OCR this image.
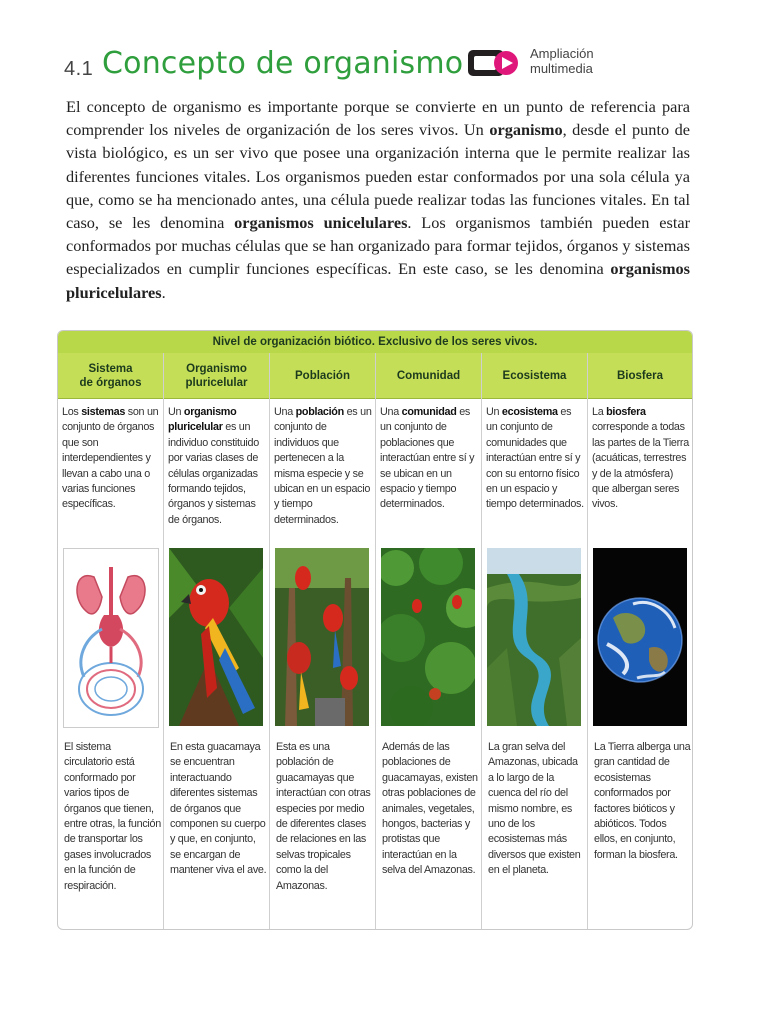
4.1 Concepto de organismo	Ampliación
multimedia

El concepto de organismo es importante porque se convierte en un punto de referencia para comprender los niveles de organización de los seres vivos. Un organismo, desde el punto de vista biológico, es un ser vivo que posee una organización interna que le permite realizar las diferentes funciones vitales. Los organismos pueden estar conformados por una sola célula ya que, como se ha mencionado antes, una célula puede realizar todas las funciones vitales. En tal caso, se les denomina organismos unicelulares. Los organismos también pueden estar conformados por muchas células que se han organizado para formar tejidos, órganos y sistemas especializados en cumplir funciones específicas. En este caso, se les denomina organismos pluricelulares.

Nivel de organización biótico. Exclusivo de los seres vivos.
Sistema
de órganos
Los sistemas son un conjunto de órganos que son interdependientes y llevan a cabo una o varias funciones específicas.
El sistema circulatorio está conformado por varios tipos de órganos que tienen, entre otras, la función de transportar los gases involucrados en la función de respiración.
Organismo
pluricelular
Un organismo pluricelular es un individuo constituido por varias clases de células organizadas formando tejidos, órganos y sistemas de órganos.
En esta guacamaya se encuentran interactuando diferentes sistemas de órganos que componen su cuerpo y que, en conjunto, se encargan de mantener viva el ave.
Población
Una población es un conjunto de individuos que pertenecen a la misma especie y se ubican en un espacio y tiempo determinados.
Esta es una población de guacamayas que interactúan con otras especies por medio de diferentes clases de relaciones en las selvas tropicales como la del Amazonas.
Comunidad
Una comunidad es un conjunto de poblaciones que interactúan entre sí y se ubican en un espacio y tiempo determinados.
Además de las poblaciones de guacamayas, existen otras poblaciones de animales, vegetales, hongos, bacterias y protistas que interactúan en la selva del Amazonas.
Ecosistema
Un ecosistema es un conjunto de comunidades que interactúan entre sí y con su entorno físico en un espacio y tiempo determinados.
La gran selva del Amazonas, ubicada a lo largo de la cuenca del río del mismo nombre, es uno de los ecosistemas más diversos que existen en el planeta.
Biosfera
La biosfera corresponde a todas las partes de la Tierra (acuáticas, terrestres y de la atmósfera) que albergan seres vivos.
La Tierra alberga una gran cantidad de ecosistemas conformados por factores bióticos y abióticos. Todos ellos, en conjunto, forman la biosfera.
